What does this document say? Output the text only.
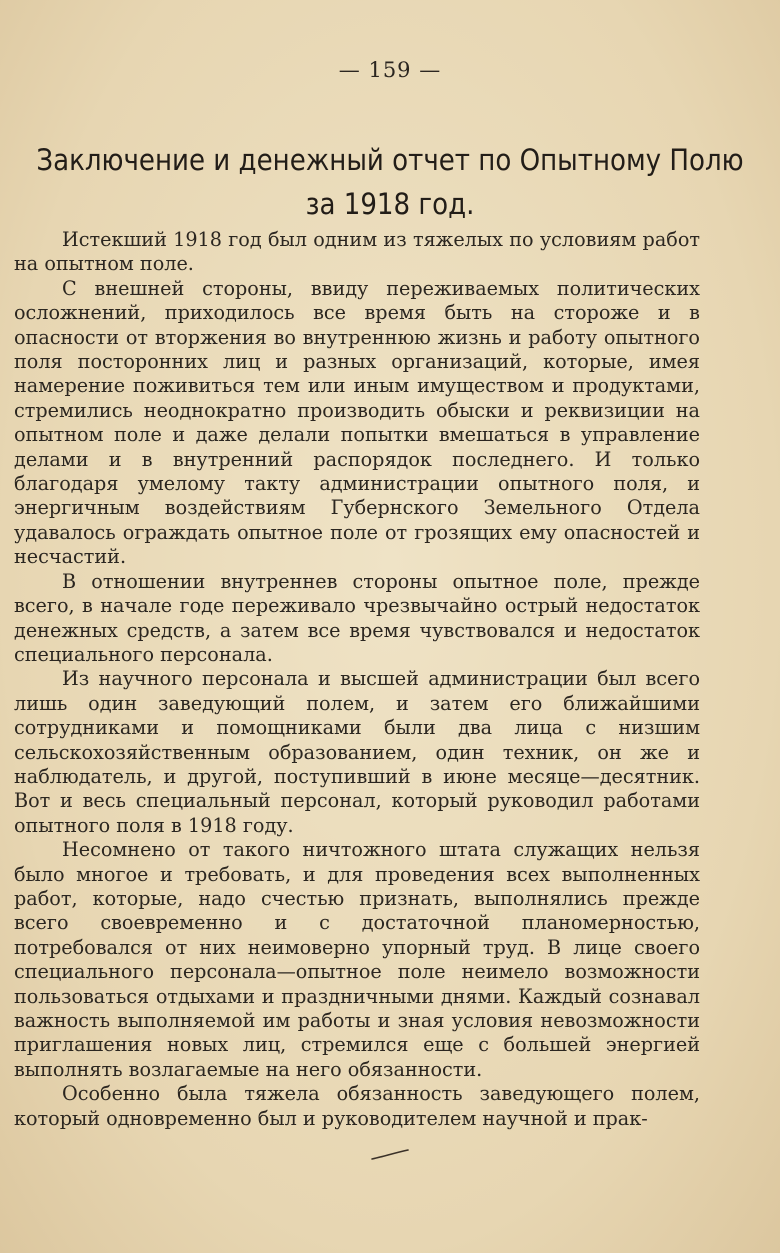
— 159 —
Заключение и денежный отчет по Опытному Полю
за 1918 год.

Истекший 1918 год был одним из тяжелых по условиям работ на опытном поле.

С внешней стороны, ввиду переживаемых политических осложнений, приходилось все время быть на стороже и в опасности от вторжения во внутреннюю жизнь и работу опытного поля посторонних лиц и разных организаций, которые, имея намерение поживиться тем или иным имуществом и продуктами, стремились неоднократно производить обыски и реквизиции на опытном поле и даже делали попытки вмешаться в управление делами и в внутренний распорядок последнего. И только благодаря умелому такту администрации опытного поля, и энергичным воздействиям Губернского Земельного Отдела удавалось ограждать опытное поле от грозящих ему опасностей и несчастий.

В отношении внутреннев стороны опытное поле, прежде всего, в начале годе переживало чрезвычайно острый недостаток денежных средств, а затем все время чувствовался и недостаток специального персонала.

Из научного персонала и высшей администрации был всего лишь один заведующий полем, и затем его ближайшими сотрудниками и помощниками были два лица с низшим сельскохозяйственным образованием, один техник, он же и наблюдатель, и другой, поступивший в июне месяце—десятник. Вот и весь специальный персонал, который руководил работами опытного поля в 1918 году.

Несомнено от такого ничтожного штата служащих нельзя было многое и требовать, и для проведения всех выполненных работ, которые, надо счестью признать, выполнялись прежде всего своевременно и с достаточной планомерностью, потребовался от них неимоверно упорный труд. В лице своего специального персонала—опытное поле неимело возможности пользоваться отдыхами и праздничными днями. Каждый сознавал важность выполняемой им работы и зная условия невозможности приглашения новых лиц, стремился еще с большей энергией выполнять возлагаемые на него обязанности.

Особенно была тяжела обязанность заведующего полем, который одновременно был и руководителем научной и прак-
